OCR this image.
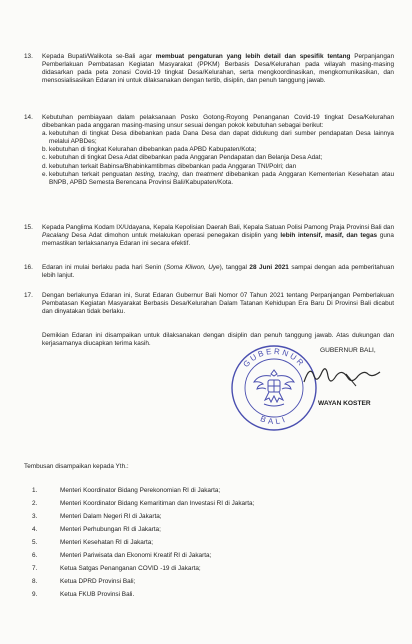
13.	Kepada Bupati/Walikota se-Bali agar membuat pengaturan yang lebih detail dan spesifik tentang Perpanjangan Pemberlakuan Pembatasan Kegiatan Masyarakat (PPKM) Berbasis Desa/Kelurahan pada wilayah masing-masing didasarkan pada peta zonasi Covid-19 tingkat Desa/Kelurahan, serta mengkoordinasikan, mengkomunikasikan, dan mensosialisasikan Edaran ini untuk dilaksanakan dengan tertib, disiplin, dan penuh tanggung jawab.
14.	Kebutuhan pembiayaan dalam pelaksanaan Posko Gotong-Royong Penanganan Covid-19 tingkat Desa/Kelurahan dibebankan pada anggaran masing-masing unsur sesuai dengan pokok kebutuhan sebagai berikut:
a. kebutuhan di tingkat Desa dibebankan pada Dana Desa dan dapat didukung dari sumber pendapatan Desa lainnya melalui APBDes;
b. kebutuhan di tingkat Kelurahan dibebankan pada APBD Kabupaten/Kota;
c. kebutuhan di tingkat Desa Adat dibebankan pada Anggaran Pendapatan dan Belanja Desa Adat;
d. kebutuhan terkait Babinsa/Bhabinkamtibmas dibebankan pada Anggaran TNI/Polri; dan
e. kebutuhan terkait penguatan testing, tracing, dan treatment dibebankan pada Anggaran Kementerian Kesehatan atau BNPB, APBD Semesta Berencana Provinsi Bali/Kabupaten/Kota.
15.	Kepada Panglima Kodam IX/Udayana, Kepala Kepolisian Daerah Bali, Kepala Satuan Polisi Pamong Praja Provinsi Bali dan Pacalang Desa Adat dimohon untuk melakukan operasi penegakan disiplin yang lebih intensif, masif, dan tegas guna memastikan terlaksananya Edaran ini secara efektif.
16.	Edaran ini mulai berlaku pada hari Senin (Soma Kliwon, Uye), tanggal 28 Juni 2021 sampai dengan ada pemberitahuan lebih lanjut.
17.	Dengan berlakunya Edaran ini, Surat Edaran Gubernur Bali Nomor 07 Tahun 2021 tentang Perpanjangan Pemberlakuan Pembatasan Kegiatan Masyarakat Berbasis Desa/Kelurahan Dalam Tatanan Kehidupan Era Baru Di Provinsi Bali dicabut dan dinyatakan tidak berlaku.
Demikian Edaran ini disampaikan untuk dilaksanakan dengan disiplin dan penuh tanggung jawab. Atas dukungan dan kerjasamanya diucapkan terima kasih.
GUBERNUR
BALI
GUBERNUR BALI,
WAYAN KOSTER
Tembusan disampaikan kepada Yth.:
1.	Menteri Koordinator Bidang Perekonomian RI di Jakarta;
2.	Menteri Koordinator Bidang Kemaritiman dan Investasi RI di Jakarta;
3.	Menteri Dalam Negeri RI di Jakarta;
4.	Menteri Perhubungan RI di Jakarta;
5.	Menteri Kesehatan RI di Jakarta;
6.	Menteri Pariwisata dan Ekonomi Kreatif RI di Jakarta;
7.	Ketua Satgas Penanganan COVID -19 di Jakarta;
8.	Ketua DPRD Provinsi Bali;
9.	Ketua FKUB Provinsi Bali.
